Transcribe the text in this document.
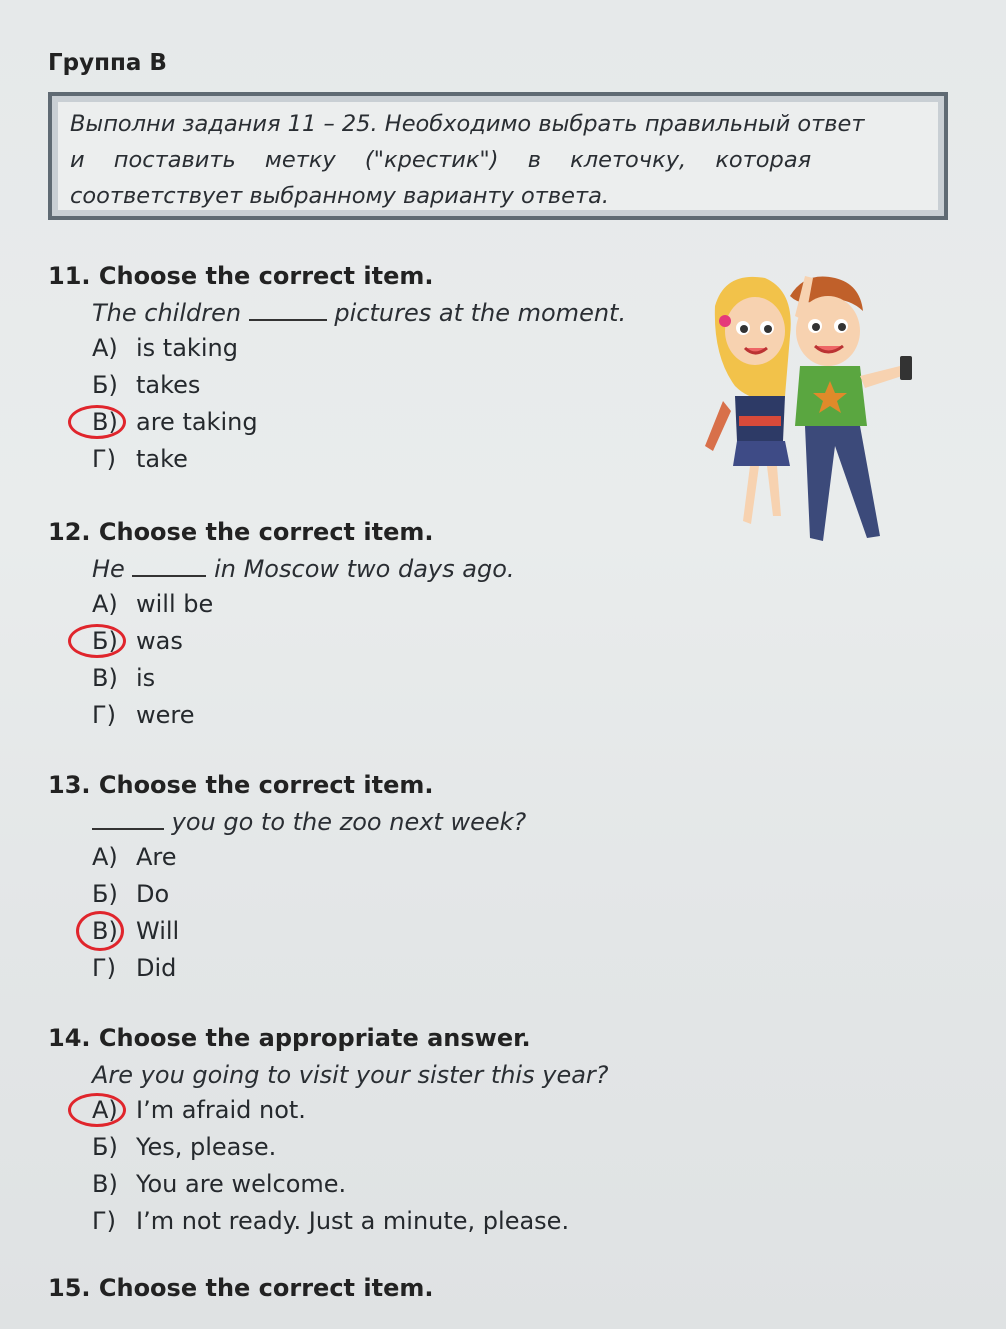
Группа В

Выполни задания 11 – 25. Необходимо выбрать правильный ответ

и поставить метку ("крестик") в клеточку, которая

соответствует выбранному варианту ответа.

11. Choose the correct item.
The children	pictures at the moment.
А) is taking
Б) takes
В) are taking
Г) take
12. Choose the correct item.
He	in Moscow two days ago.
А) will be
Б) was
В) is
Г) were
13. Choose the correct item.
you go to the zoo next week?
А) Are
Б) Do
В) Will
Г) Did
14. Choose the appropriate answer.
Are you going to visit your sister this year?
А) I’m afraid not.
Б) Yes, please.
В) You are welcome.
Г) I’m not ready. Just a minute, please.
15. Choose the correct item.
